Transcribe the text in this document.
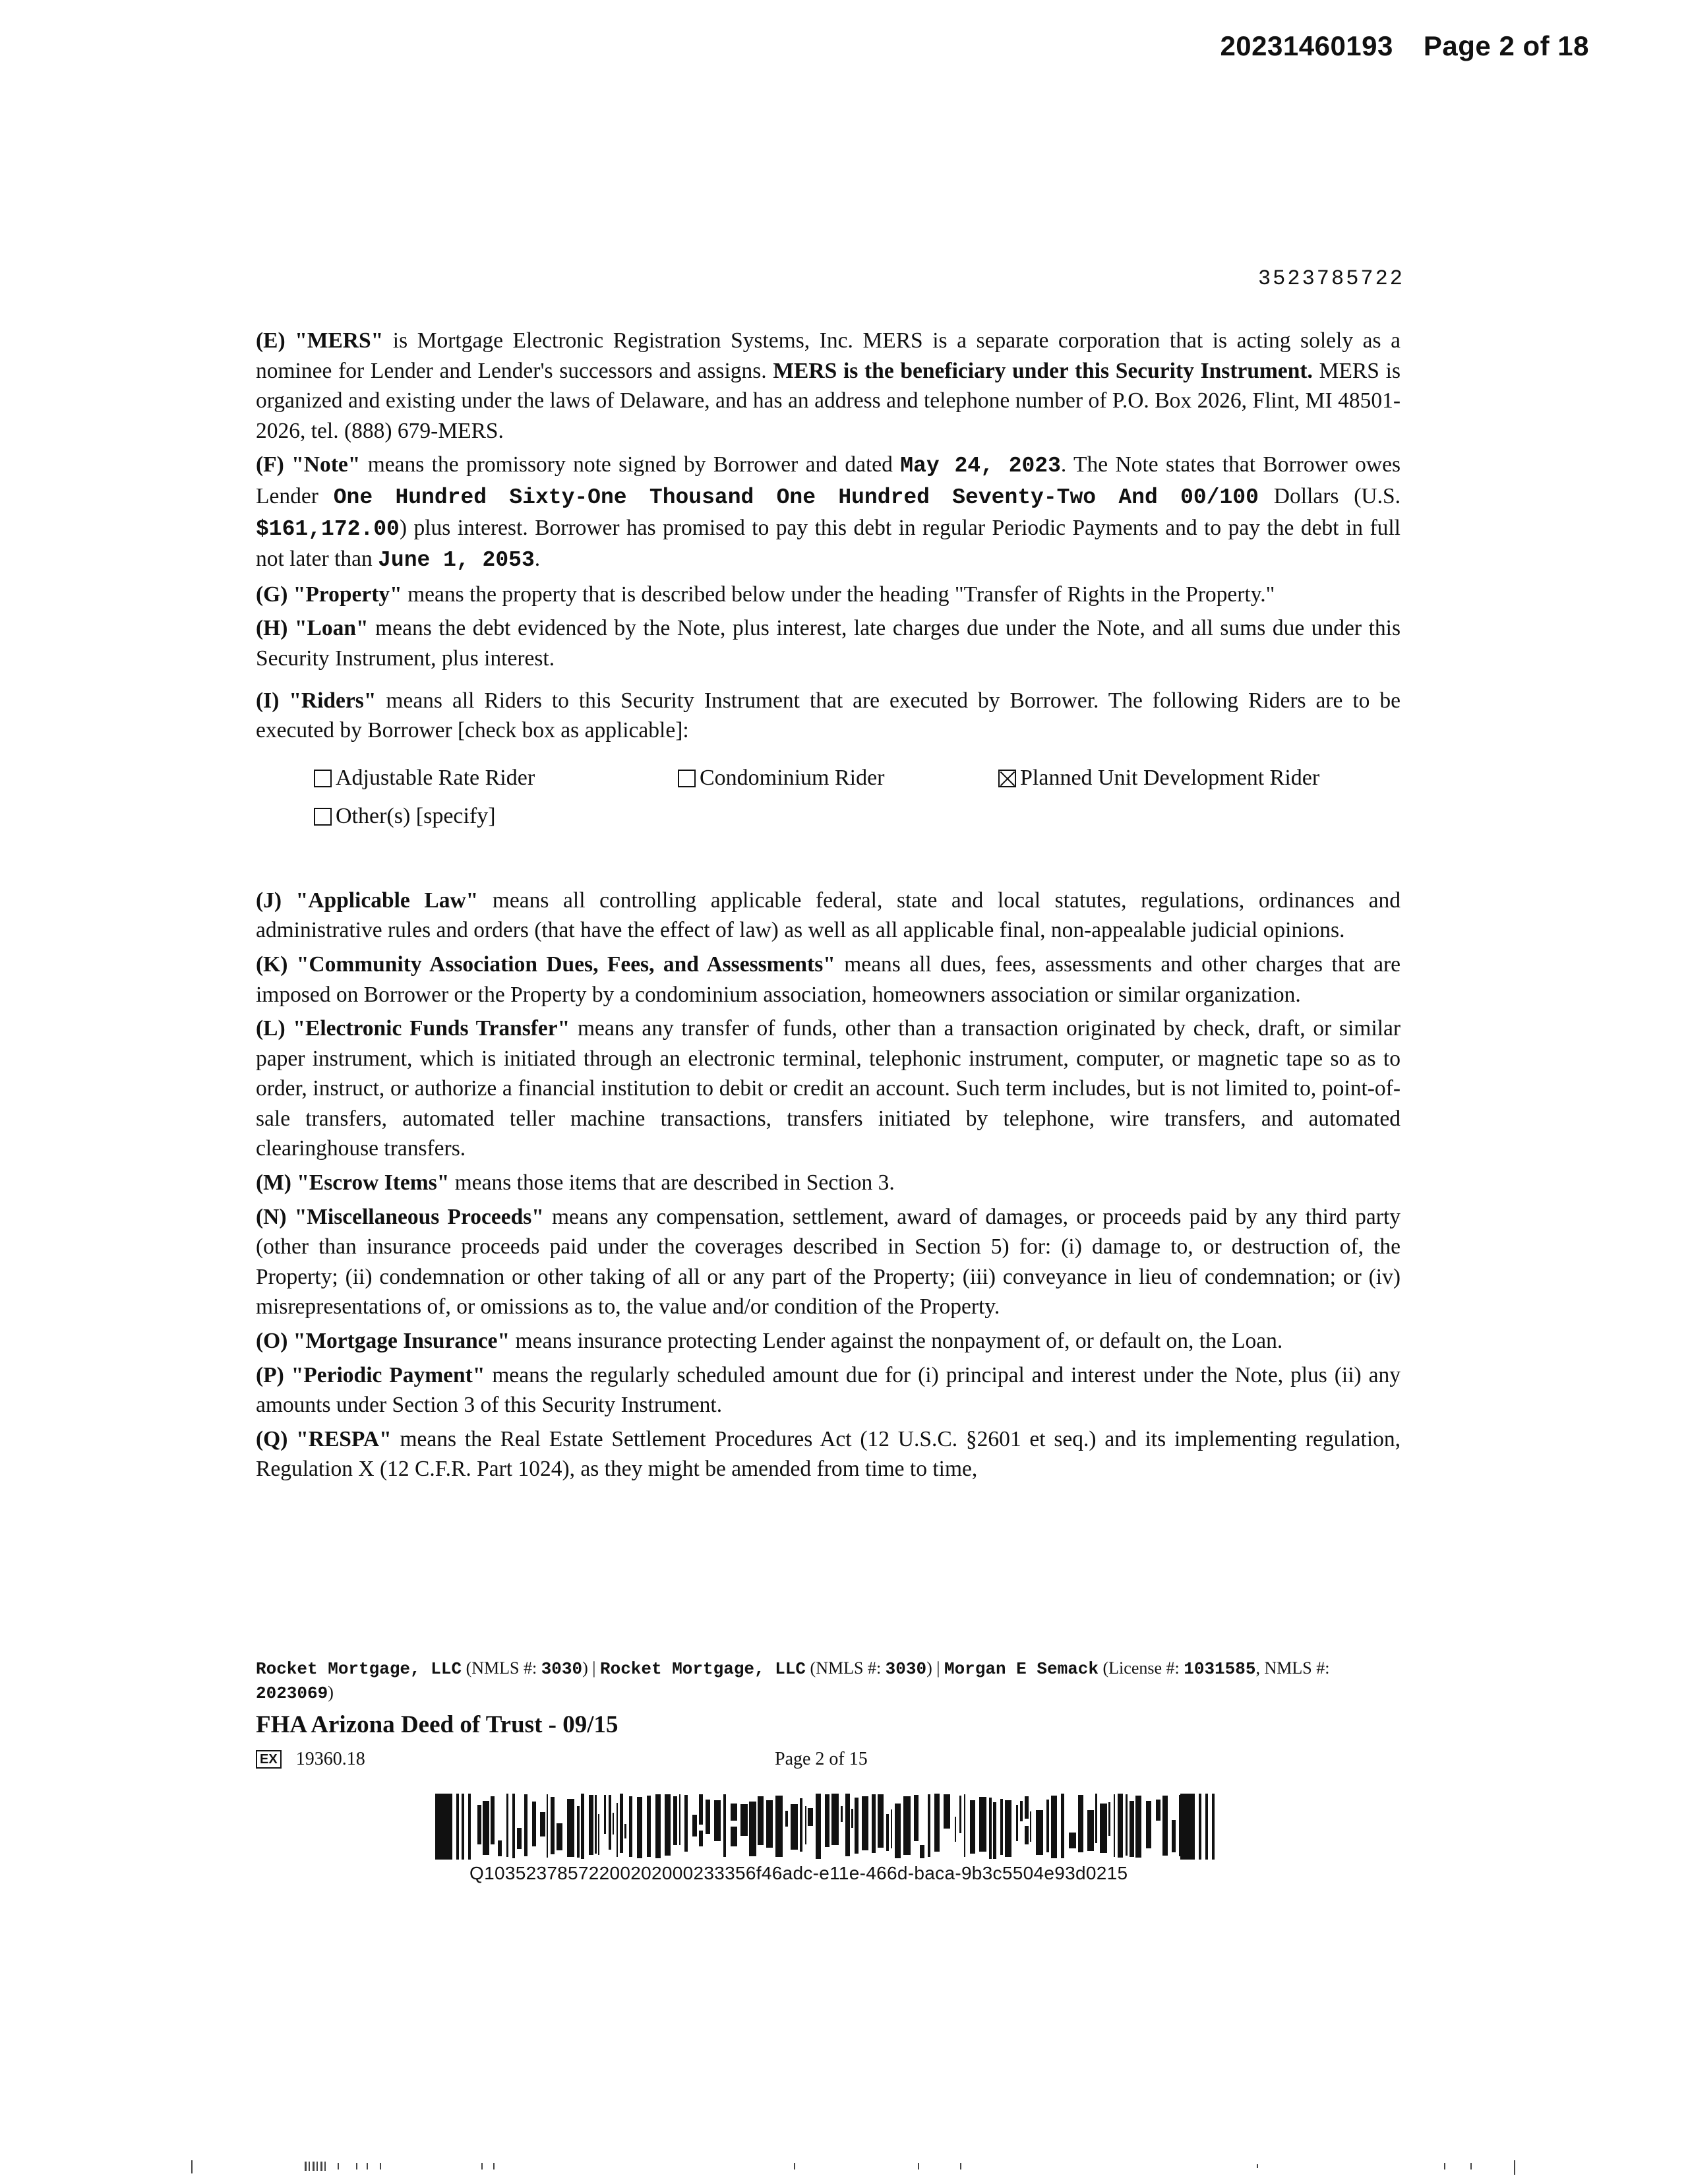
20231460193 Page 2 of 18
3523785722

(E) "MERS" is Mortgage Electronic Registration Systems, Inc. MERS is a separate corporation that is acting solely as a nominee for Lender and Lender's successors and assigns. MERS is the beneficiary under this Security Instrument. MERS is organized and existing under the laws of Delaware, and has an address and telephone number of P.O. Box 2026, Flint, MI 48501-2026, tel. (888) 679-MERS.

(F) "Note" means the promissory note signed by Borrower and dated May 24, 2023. The Note states that Borrower owes Lender One Hundred Sixty-One Thousand One Hundred Seventy-Two And 00/100 Dollars (U.S. $161,172.00) plus interest. Borrower has promised to pay this debt in regular Periodic Payments and to pay the debt in full not later than June 1, 2053.

(G) "Property" means the property that is described below under the heading "Transfer of Rights in the Property."

(H) "Loan" means the debt evidenced by the Note, plus interest, late charges due under the Note, and all sums due under this Security Instrument, plus interest.

(I) "Riders" means all Riders to this Security Instrument that are executed by Borrower. The following Riders are to be executed by Borrower [check box as applicable]:

Adjustable Rate Rider	Condominium Rider	Planned Unit Development Rider
Other(s) [specify]

(J) "Applicable Law" means all controlling applicable federal, state and local statutes, regulations, ordinances and administrative rules and orders (that have the effect of law) as well as all applicable final, non-appealable judicial opinions.

(K) "Community Association Dues, Fees, and Assessments" means all dues, fees, assessments and other charges that are imposed on Borrower or the Property by a condominium association, homeowners association or similar organization.

(L) "Electronic Funds Transfer" means any transfer of funds, other than a transaction originated by check, draft, or similar paper instrument, which is initiated through an electronic terminal, telephonic instrument, computer, or magnetic tape so as to order, instruct, or authorize a financial institution to debit or credit an account. Such term includes, but is not limited to, point-of-sale transfers, automated teller machine transactions, transfers initiated by telephone, wire transfers, and automated clearinghouse transfers.

(M) "Escrow Items" means those items that are described in Section 3.

(N) "Miscellaneous Proceeds" means any compensation, settlement, award of damages, or proceeds paid by any third party (other than insurance proceeds paid under the coverages described in Section 5) for: (i) damage to, or destruction of, the Property; (ii) condemnation or other taking of all or any part of the Property; (iii) conveyance in lieu of condemnation; or (iv) misrepresentations of, or omissions as to, the value and/or condition of the Property.

(O) "Mortgage Insurance" means insurance protecting Lender against the nonpayment of, or default on, the Loan.

(P) "Periodic Payment" means the regularly scheduled amount due for (i) principal and interest under the Note, plus (ii) any amounts under Section 3 of this Security Instrument.

(Q) "RESPA" means the Real Estate Settlement Procedures Act (12 U.S.C. §2601 et seq.) and its implementing regulation, Regulation X (12 C.F.R. Part 1024), as they might be amended from time to time,

Rocket Mortgage, LLC (NMLS #: 3030) | Rocket Mortgage, LLC (NMLS #: 3030) | Morgan E Semack (License #: 1031585, NMLS #: 2023069)
FHA Arizona Deed of Trust - 09/15
EX 19360.18	Page 2 of 15
Q10352378572200202000233356f46adc-e11e-466d-baca-9b3c5504e93d0215
